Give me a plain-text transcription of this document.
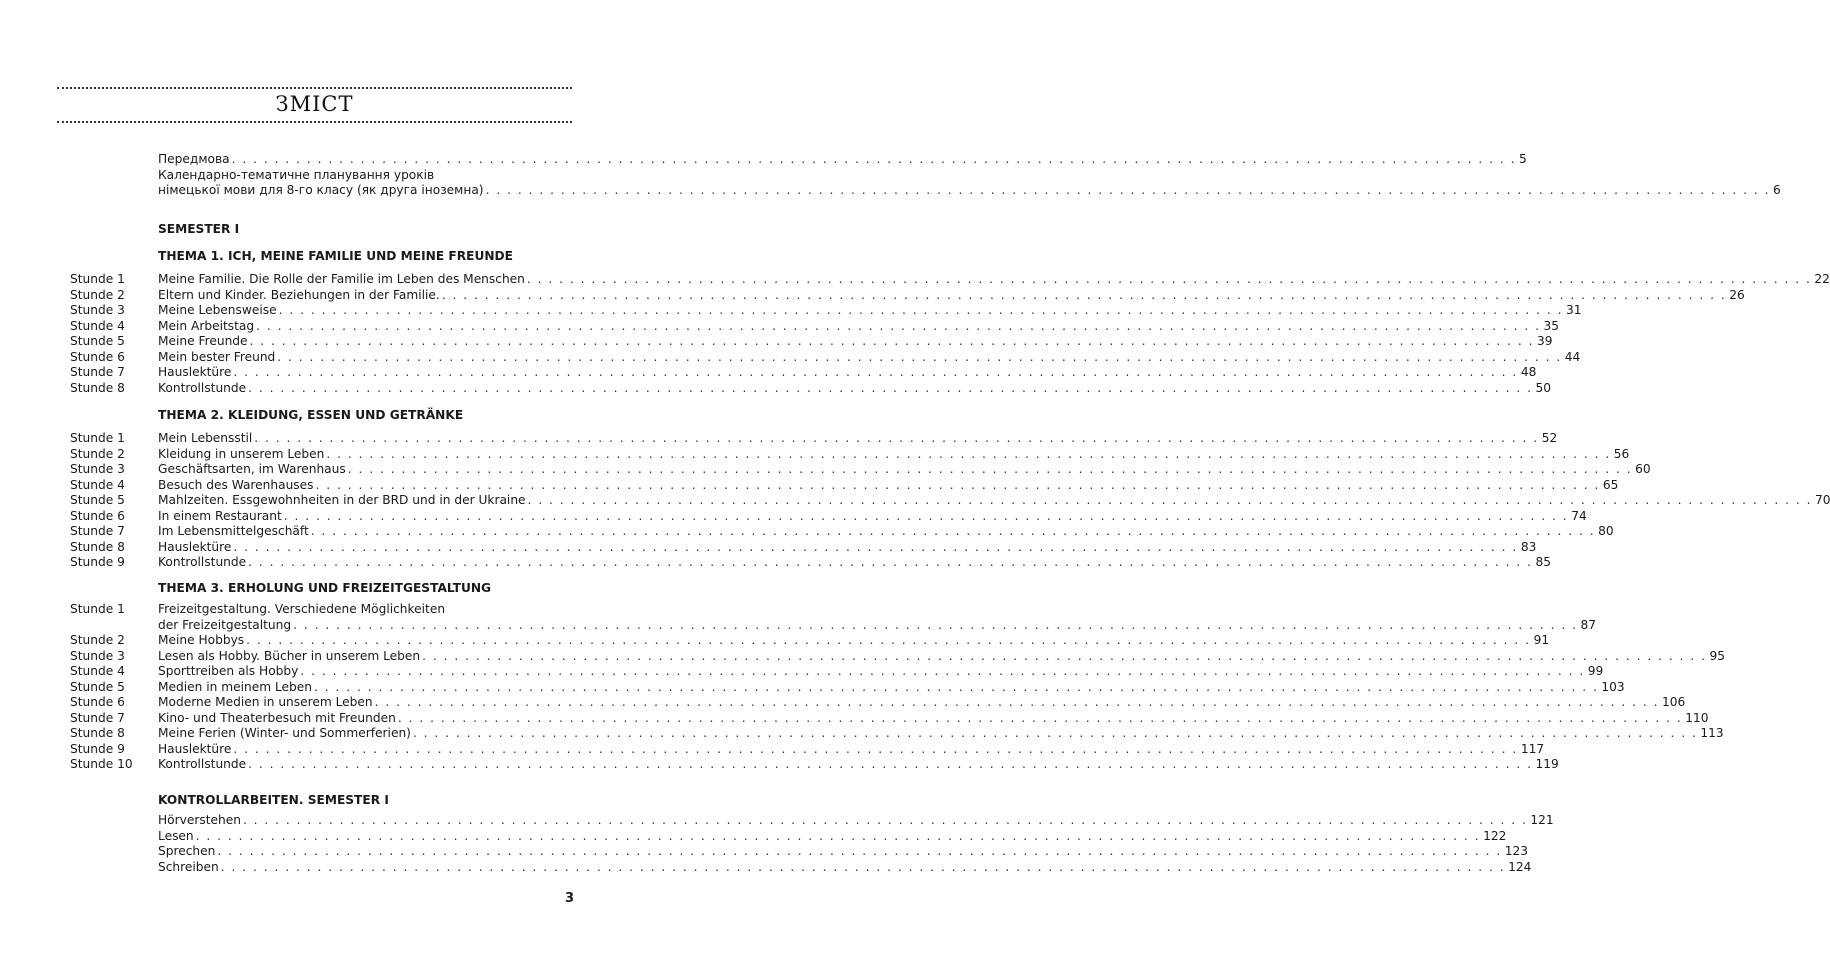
ЗМІСТ
Передмова . . . . . . . . . . . . . . . . . . . . . . . . . . . . . . . . . . . . . . . . . . . . . . . . . . . . . . . . . . . . . . . . . . . . . . . . . . . . . . . . . . . . . . . . . . . . . . . . . . . . . . . . . . . . . . . . . . . . . . . . 5
Календарно-тематичне планування уроків
німецької мови для 8-го класу (як друга іноземна) . . . . . . . . . . . . . . . . . . . . . . . . . . . . . . . . . . . . . . . . . . . . . . . . . . . . . . . . . . . . . . . . . . . . . . . . . . . . . . . . . . . . . . . . . . . . . . . . . . . . . . . . . . . . . . . . . . . . . . . . 6
SEMESTER I
THEMA 1. ICH, MEINE FAMILIE UND MEINE FREUNDE
Stunde 1	Meine Familie. Die Rolle der Familie im Leben des Menschen . . . . . . . . . . . . . . . . . . . . . . . . . . . . . . . . . . . . . . . . . . . . . . . . . . . . . . . . . . . . . . . . . . . . . . . . . . . . . . . . . . . . . . . . . . . . . . . . . . . . . . . . . . . . . . . . . . . . . . . . 22
Stunde 2	Eltern und Kinder. Beziehungen in der Familie. . . . . . . . . . . . . . . . . . . . . . . . . . . . . . . . . . . . . . . . . . . . . . . . . . . . . . . . . . . . . . . . . . . . . . . . . . . . . . . . . . . . . . . . . . . . . . . . . . . . . . . . . . . . . . . . . . . . . . . . . 26
Stunde 3	Meine Lebensweise . . . . . . . . . . . . . . . . . . . . . . . . . . . . . . . . . . . . . . . . . . . . . . . . . . . . . . . . . . . . . . . . . . . . . . . . . . . . . . . . . . . . . . . . . . . . . . . . . . . . . . . . . . . . . . . . . . . . . . . . 31
Stunde 4	Mein Arbeitstag . . . . . . . . . . . . . . . . . . . . . . . . . . . . . . . . . . . . . . . . . . . . . . . . . . . . . . . . . . . . . . . . . . . . . . . . . . . . . . . . . . . . . . . . . . . . . . . . . . . . . . . . . . . . . . . . . . . . . . . . 35
Stunde 5	Meine Freunde . . . . . . . . . . . . . . . . . . . . . . . . . . . . . . . . . . . . . . . . . . . . . . . . . . . . . . . . . . . . . . . . . . . . . . . . . . . . . . . . . . . . . . . . . . . . . . . . . . . . . . . . . . . . . . . . . . . . . . . . 39
Stunde 6	Mein bester Freund . . . . . . . . . . . . . . . . . . . . . . . . . . . . . . . . . . . . . . . . . . . . . . . . . . . . . . . . . . . . . . . . . . . . . . . . . . . . . . . . . . . . . . . . . . . . . . . . . . . . . . . . . . . . . . . . . . . . . . . . 44
Stunde 7	Hauslektüre . . . . . . . . . . . . . . . . . . . . . . . . . . . . . . . . . . . . . . . . . . . . . . . . . . . . . . . . . . . . . . . . . . . . . . . . . . . . . . . . . . . . . . . . . . . . . . . . . . . . . . . . . . . . . . . . . . . . . . . . 48
Stunde 8	Kontrollstunde . . . . . . . . . . . . . . . . . . . . . . . . . . . . . . . . . . . . . . . . . . . . . . . . . . . . . . . . . . . . . . . . . . . . . . . . . . . . . . . . . . . . . . . . . . . . . . . . . . . . . . . . . . . . . . . . . . . . . . . . 50
THEMA 2. KLEIDUNG, ESSEN UND GETRÄNKE
Stunde 1	Mein Lebensstil . . . . . . . . . . . . . . . . . . . . . . . . . . . . . . . . . . . . . . . . . . . . . . . . . . . . . . . . . . . . . . . . . . . . . . . . . . . . . . . . . . . . . . . . . . . . . . . . . . . . . . . . . . . . . . . . . . . . . . . . 52
Stunde 2	Kleidung in unserem Leben . . . . . . . . . . . . . . . . . . . . . . . . . . . . . . . . . . . . . . . . . . . . . . . . . . . . . . . . . . . . . . . . . . . . . . . . . . . . . . . . . . . . . . . . . . . . . . . . . . . . . . . . . . . . . . . . . . . . . . . . 56
Stunde 3	Geschäftsarten, im Warenhaus . . . . . . . . . . . . . . . . . . . . . . . . . . . . . . . . . . . . . . . . . . . . . . . . . . . . . . . . . . . . . . . . . . . . . . . . . . . . . . . . . . . . . . . . . . . . . . . . . . . . . . . . . . . . . . . . . . . . . . . . 60
Stunde 4	Besuch des Warenhauses . . . . . . . . . . . . . . . . . . . . . . . . . . . . . . . . . . . . . . . . . . . . . . . . . . . . . . . . . . . . . . . . . . . . . . . . . . . . . . . . . . . . . . . . . . . . . . . . . . . . . . . . . . . . . . . . . . . . . . . . 65
Stunde 5	Mahlzeiten. Essgewohnheiten in der BRD und in der Ukraine . . . . . . . . . . . . . . . . . . . . . . . . . . . . . . . . . . . . . . . . . . . . . . . . . . . . . . . . . . . . . . . . . . . . . . . . . . . . . . . . . . . . . . . . . . . . . . . . . . . . . . . . . . . . . . . . . . . . . . . . 70
Stunde 6	In einem Restaurant . . . . . . . . . . . . . . . . . . . . . . . . . . . . . . . . . . . . . . . . . . . . . . . . . . . . . . . . . . . . . . . . . . . . . . . . . . . . . . . . . . . . . . . . . . . . . . . . . . . . . . . . . . . . . . . . . . . . . . . . 74
Stunde 7	Im Lebensmittelgeschäft . . . . . . . . . . . . . . . . . . . . . . . . . . . . . . . . . . . . . . . . . . . . . . . . . . . . . . . . . . . . . . . . . . . . . . . . . . . . . . . . . . . . . . . . . . . . . . . . . . . . . . . . . . . . . . . . . . . . . . . . 80
Stunde 8	Hauslektüre . . . . . . . . . . . . . . . . . . . . . . . . . . . . . . . . . . . . . . . . . . . . . . . . . . . . . . . . . . . . . . . . . . . . . . . . . . . . . . . . . . . . . . . . . . . . . . . . . . . . . . . . . . . . . . . . . . . . . . . . 83
Stunde 9	Kontrollstunde . . . . . . . . . . . . . . . . . . . . . . . . . . . . . . . . . . . . . . . . . . . . . . . . . . . . . . . . . . . . . . . . . . . . . . . . . . . . . . . . . . . . . . . . . . . . . . . . . . . . . . . . . . . . . . . . . . . . . . . . 85
THEMA 3. ERHOLUNG UND FREIZEITGESTALTUNG
Stunde 1	Freizeitgestaltung. Verschiedene Möglichkeiten
der Freizeitgestaltung . . . . . . . . . . . . . . . . . . . . . . . . . . . . . . . . . . . . . . . . . . . . . . . . . . . . . . . . . . . . . . . . . . . . . . . . . . . . . . . . . . . . . . . . . . . . . . . . . . . . . . . . . . . . . . . . . . . . . . . . 87
Stunde 2	Meine Hobbys . . . . . . . . . . . . . . . . . . . . . . . . . . . . . . . . . . . . . . . . . . . . . . . . . . . . . . . . . . . . . . . . . . . . . . . . . . . . . . . . . . . . . . . . . . . . . . . . . . . . . . . . . . . . . . . . . . . . . . . . 91
Stunde 3	Lesen als Hobby. Bücher in unserem Leben . . . . . . . . . . . . . . . . . . . . . . . . . . . . . . . . . . . . . . . . . . . . . . . . . . . . . . . . . . . . . . . . . . . . . . . . . . . . . . . . . . . . . . . . . . . . . . . . . . . . . . . . . . . . . . . . . . . . . . . . 95
Stunde 4	Sporttreiben als Hobby . . . . . . . . . . . . . . . . . . . . . . . . . . . . . . . . . . . . . . . . . . . . . . . . . . . . . . . . . . . . . . . . . . . . . . . . . . . . . . . . . . . . . . . . . . . . . . . . . . . . . . . . . . . . . . . . . . . . . . . . 99
Stunde 5	Medien in meinem Leben . . . . . . . . . . . . . . . . . . . . . . . . . . . . . . . . . . . . . . . . . . . . . . . . . . . . . . . . . . . . . . . . . . . . . . . . . . . . . . . . . . . . . . . . . . . . . . . . . . . . . . . . . . . . . . . . . . . . . . . . 103
Stunde 6	Moderne Medien in unserem Leben . . . . . . . . . . . . . . . . . . . . . . . . . . . . . . . . . . . . . . . . . . . . . . . . . . . . . . . . . . . . . . . . . . . . . . . . . . . . . . . . . . . . . . . . . . . . . . . . . . . . . . . . . . . . . . . . . . . . . . . . 106
Stunde 7	Kino- und Theaterbesuch mit Freunden . . . . . . . . . . . . . . . . . . . . . . . . . . . . . . . . . . . . . . . . . . . . . . . . . . . . . . . . . . . . . . . . . . . . . . . . . . . . . . . . . . . . . . . . . . . . . . . . . . . . . . . . . . . . . . . . . . . . . . . . 110
Stunde 8	Meine Ferien (Winter- und Sommerferien) . . . . . . . . . . . . . . . . . . . . . . . . . . . . . . . . . . . . . . . . . . . . . . . . . . . . . . . . . . . . . . . . . . . . . . . . . . . . . . . . . . . . . . . . . . . . . . . . . . . . . . . . . . . . . . . . . . . . . . . . 113
Stunde 9	Hauslektüre . . . . . . . . . . . . . . . . . . . . . . . . . . . . . . . . . . . . . . . . . . . . . . . . . . . . . . . . . . . . . . . . . . . . . . . . . . . . . . . . . . . . . . . . . . . . . . . . . . . . . . . . . . . . . . . . . . . . . . . . 117
Stunde 10 Kontrollstunde . . . . . . . . . . . . . . . . . . . . . . . . . . . . . . . . . . . . . . . . . . . . . . . . . . . . . . . . . . . . . . . . . . . . . . . . . . . . . . . . . . . . . . . . . . . . . . . . . . . . . . . . . . . . . . . . . . . . . . . . 119
KONTROLLARBEITEN. SEMESTER I
Hörverstehen . . . . . . . . . . . . . . . . . . . . . . . . . . . . . . . . . . . . . . . . . . . . . . . . . . . . . . . . . . . . . . . . . . . . . . . . . . . . . . . . . . . . . . . . . . . . . . . . . . . . . . . . . . . . . . . . . . . . . . . . 121
Lesen . . . . . . . . . . . . . . . . . . . . . . . . . . . . . . . . . . . . . . . . . . . . . . . . . . . . . . . . . . . . . . . . . . . . . . . . . . . . . . . . . . . . . . . . . . . . . . . . . . . . . . . . . . . . . . . . . . . . . . . . 122
Sprechen . . . . . . . . . . . . . . . . . . . . . . . . . . . . . . . . . . . . . . . . . . . . . . . . . . . . . . . . . . . . . . . . . . . . . . . . . . . . . . . . . . . . . . . . . . . . . . . . . . . . . . . . . . . . . . . . . . . . . . . . 123
Schreiben . . . . . . . . . . . . . . . . . . . . . . . . . . . . . . . . . . . . . . . . . . . . . . . . . . . . . . . . . . . . . . . . . . . . . . . . . . . . . . . . . . . . . . . . . . . . . . . . . . . . . . . . . . . . . . . . . . . . . . . . 124
3
